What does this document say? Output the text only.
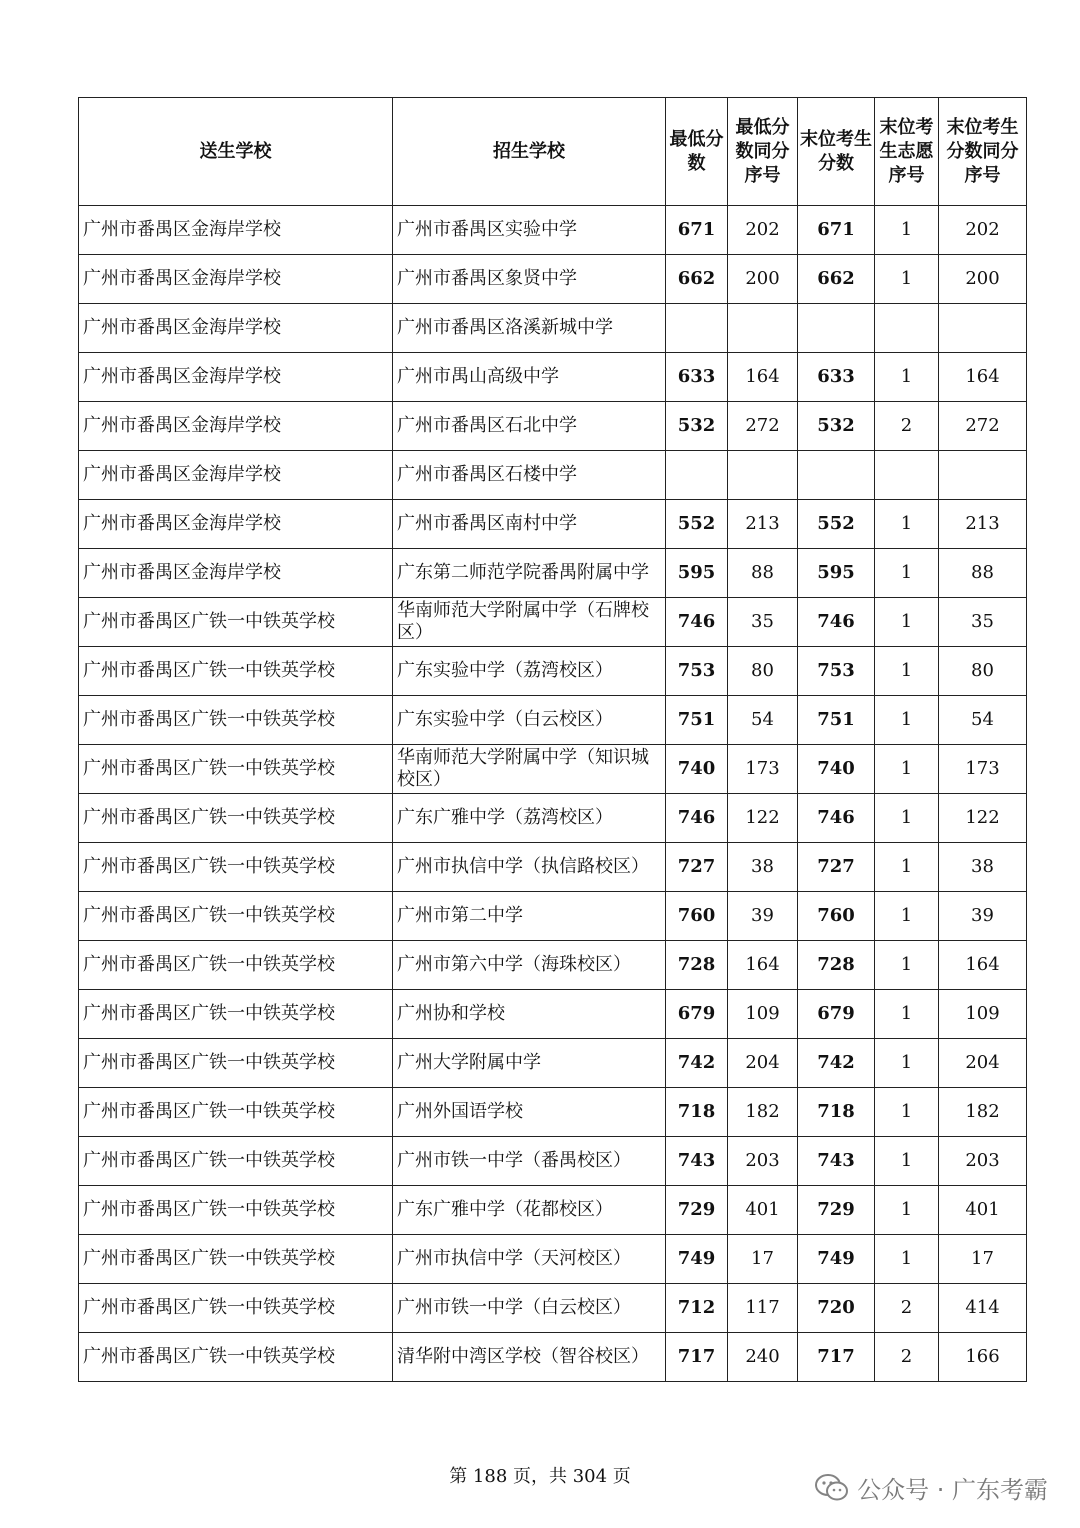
送生学校	招生学校	最低分数	最低分数同分序号	末位考生分数	末位考生志愿序号	末位考生分数同分序号
广州市番禺区金海岸学校	广州市番禺区实验中学	671	202	671	1	202
广州市番禺区金海岸学校	广州市番禺区象贤中学	662	200	662	1	200
广州市番禺区金海岸学校	广州市番禺区洛溪新城中学					
广州市番禺区金海岸学校	广州市禺山高级中学	633	164	633	1	164
广州市番禺区金海岸学校	广州市番禺区石北中学	532	272	532	2	272
广州市番禺区金海岸学校	广州市番禺区石楼中学					
广州市番禺区金海岸学校	广州市番禺区南村中学	552	213	552	1	213
广州市番禺区金海岸学校	广东第二师范学院番禺附属中学	595	88	595	1	88
广州市番禺区广铁一中铁英学校	华南师范大学附属中学（石牌校区）	746	35	746	1	35
广州市番禺区广铁一中铁英学校	广东实验中学（荔湾校区）	753	80	753	1	80
广州市番禺区广铁一中铁英学校	广东实验中学（白云校区）	751	54	751	1	54
广州市番禺区广铁一中铁英学校	华南师范大学附属中学（知识城校区）	740	173	740	1	173
广州市番禺区广铁一中铁英学校	广东广雅中学（荔湾校区）	746	122	746	1	122
广州市番禺区广铁一中铁英学校	广州市执信中学（执信路校区）	727	38	727	1	38
广州市番禺区广铁一中铁英学校	广州市第二中学	760	39	760	1	39
广州市番禺区广铁一中铁英学校	广州市第六中学（海珠校区）	728	164	728	1	164
广州市番禺区广铁一中铁英学校	广州协和学校	679	109	679	1	109
广州市番禺区广铁一中铁英学校	广州大学附属中学	742	204	742	1	204
广州市番禺区广铁一中铁英学校	广州外国语学校	718	182	718	1	182
广州市番禺区广铁一中铁英学校	广州市铁一中学（番禺校区）	743	203	743	1	203
广州市番禺区广铁一中铁英学校	广东广雅中学（花都校区）	729	401	729	1	401
广州市番禺区广铁一中铁英学校	广州市执信中学（天河校区）	749	17	749	1	17
广州市番禺区广铁一中铁英学校	广州市铁一中学（白云校区）	712	117	720	2	414
广州市番禺区广铁一中铁英学校	清华附中湾区学校（智谷校区）	717	240	717	2	166
第 188 页，共 304 页	公众号 · 广东考霸
